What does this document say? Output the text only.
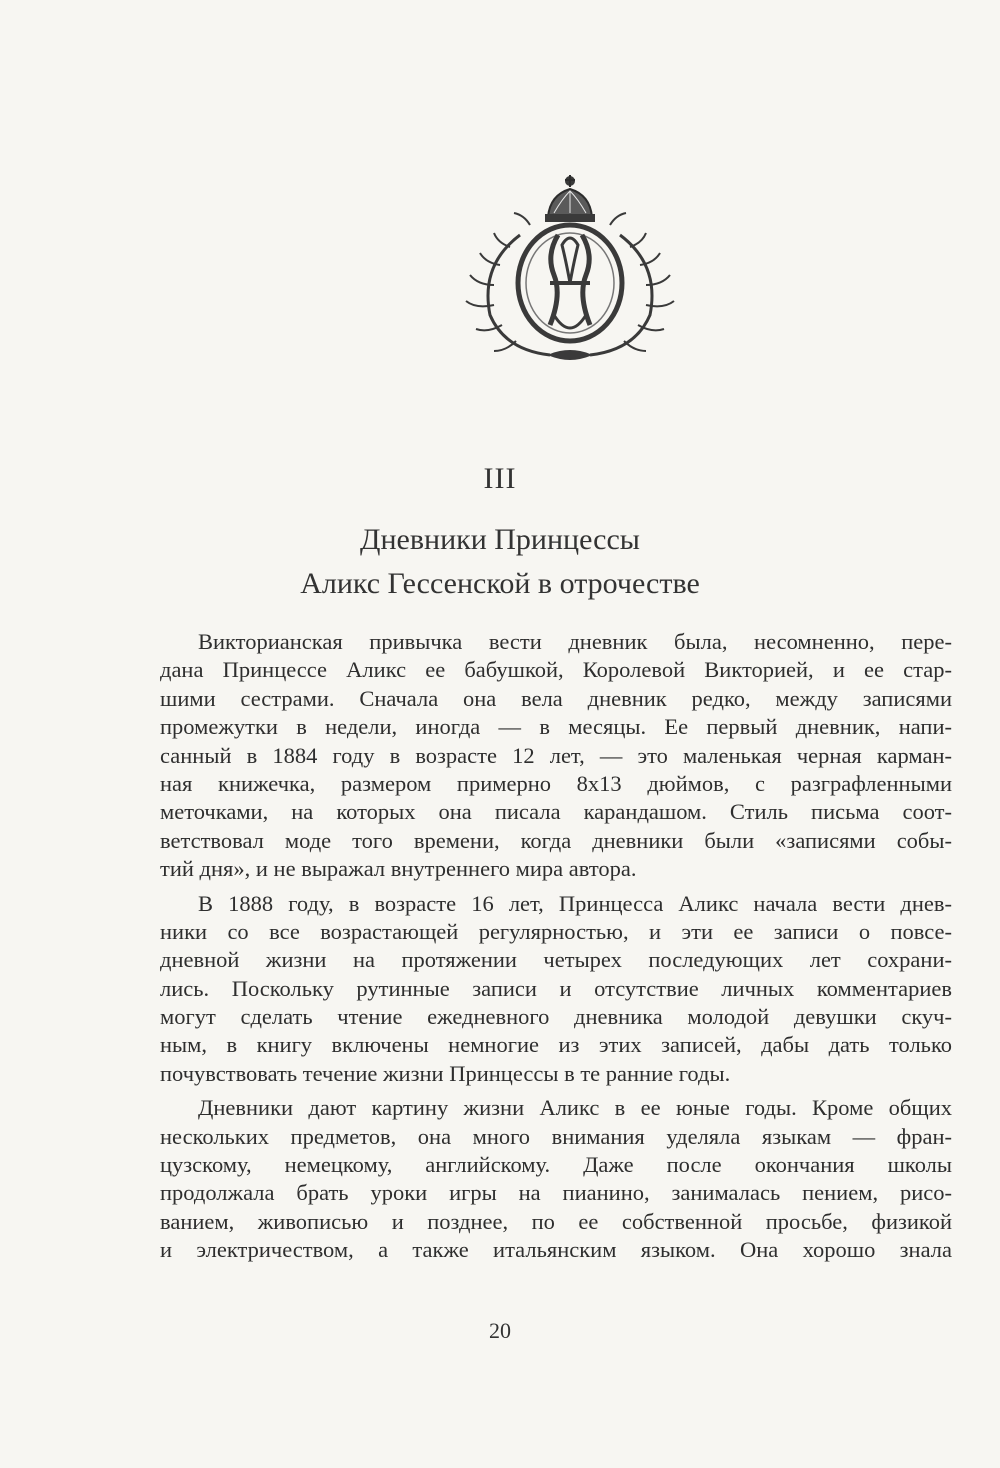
III
Дневники Принцессы
Аликс Гессенской в отрочестве
Викторианская привычка вести дневник была, несомненно, пере-
дана Принцессе Аликс ее бабушкой, Королевой Викторией, и ее стар-
шими сестрами. Сначала она вела дневник редко, между записями
промежутки в недели, иногда — в месяцы. Ее первый дневник, напи-
санный в 1884 году в возрасте 12 лет, — это маленькая черная карман-
ная книжечка, размером примерно 8х13 дюймов, с разграфленными
меточками, на которых она писала карандашом. Стиль письма соот-
ветствовал моде того времени, когда дневники были «записями собы-
тий дня», и не выражал внутреннего мира автора.
В 1888 году, в возрасте 16 лет, Принцесса Аликс начала вести днев-
ники со все возрастающей регулярностью, и эти ее записи о повсе-
дневной жизни на протяжении четырех последующих лет сохрани-
лись. Поскольку рутинные записи и отсутствие личных комментариев
могут сделать чтение ежедневного дневника молодой девушки скуч-
ным, в книгу включены немногие из этих записей, дабы дать только
почувствовать течение жизни Принцессы в те ранние годы.
Дневники дают картину жизни Аликс в ее юные годы. Кроме общих
нескольких предметов, она много внимания уделяла языкам — фран-
цузскому, немецкому, английскому. Даже после окончания школы
продолжала брать уроки игры на пианино, занималась пением, рисо-
ванием, живописью и позднее, по ее собственной просьбе, физикой
и электричеством, а также итальянским языком. Она хорошо знала
20
